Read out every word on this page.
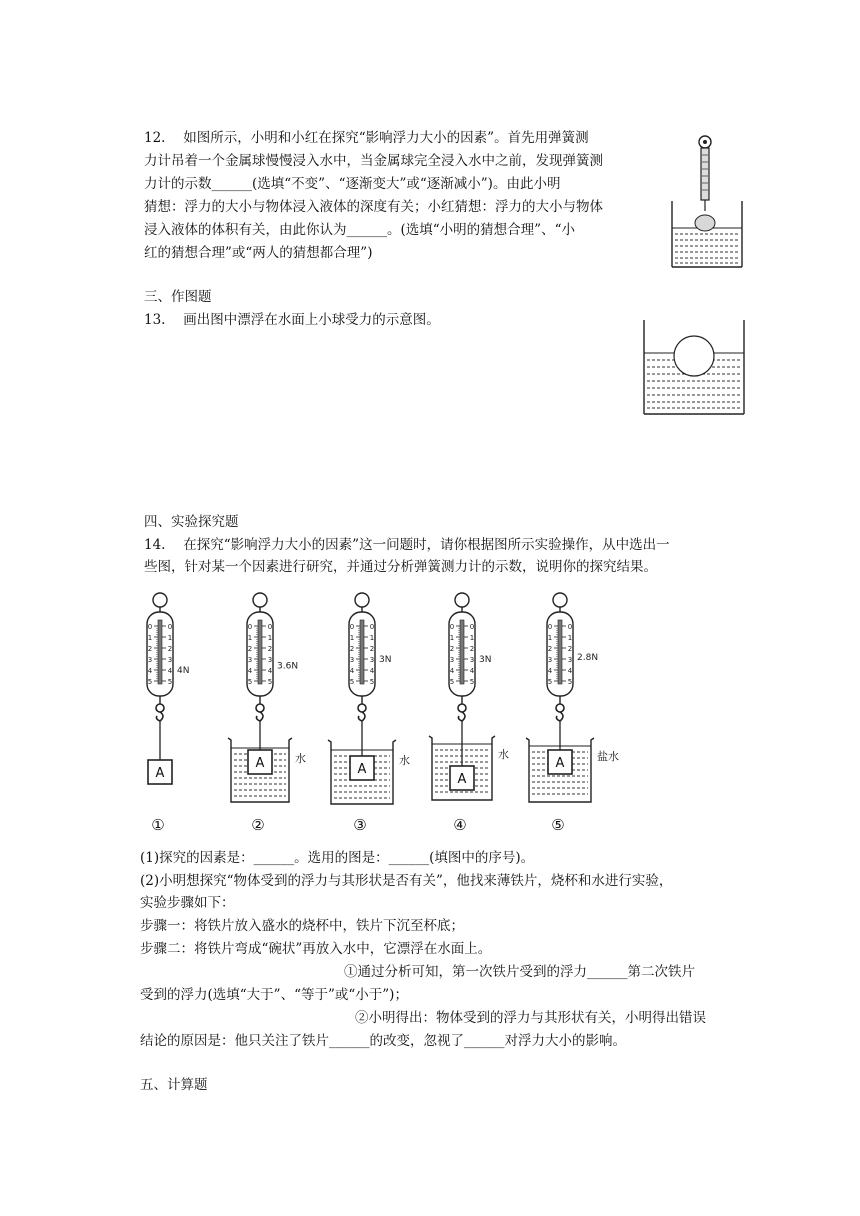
12.　 如图所示，小明和小红在探究“影响浮力大小的因素”。首先用弹簧测
力计吊着一个金属球慢慢浸入水中，当金属球完全浸入水中之前，发现弹簧测
力计的示数______(选填“不变”、“逐渐变大”或“逐渐减小”)。由此小明
猜想：浮力的大小与物体浸入液体的深度有关；小红猜想：浮力的大小与物体
浸入液体的体积有关，由此你认为______。(选填“小明的猜想合理”、“小
红的猜想合理”或“两人的猜想都合理”)
三、作图题
13.　 画出图中漂浮在水面上小球受力的示意图。
四、实验探究题
14.　 在探究“影响浮力大小的因素”这一问题时，请你根据图所示实验操作，从中选出一
些图，针对某一个因素进行研究，并通过分析弹簧测力计的示数，说明你的探究结果。
0 0
1 1
2 2
3 3
4 4
5 5
4N
A
①
0 0
1 1
2 2
3 3
4 4
5 5
3.6N
水
A
②
0 0
1 1
2 2
3 3
4 4
5 5
3N
水
A
③
0 0
1 1
2 2
3 3
4 4
5 5
3N
水
A
④
0 0
1 1
2 2
3 3
4 4
5 5
2.8N
盐水
A
⑤
(1)探究的因素是：______。选用的图是：______(填图中的序号)。
(2)小明想探究“物体受到的浮力与其形状是否有关”，他找来薄铁片，烧杯和水进行实验，
实验步骤如下：
步骤一：将铁片放入盛水的烧杯中，铁片下沉至杯底；
步骤二：将铁片弯成“碗状”再放入水中，它漂浮在水面上。
①通过分析可知，第一次铁片受到的浮力______第二次铁片
受到的浮力(选填“大于”、“等于”或“小于”)；
②小明得出：物体受到的浮力与其形状有关，小明得出错误
结论的原因是：他只关注了铁片______的改变，忽视了______对浮力大小的影响。
五、计算题
